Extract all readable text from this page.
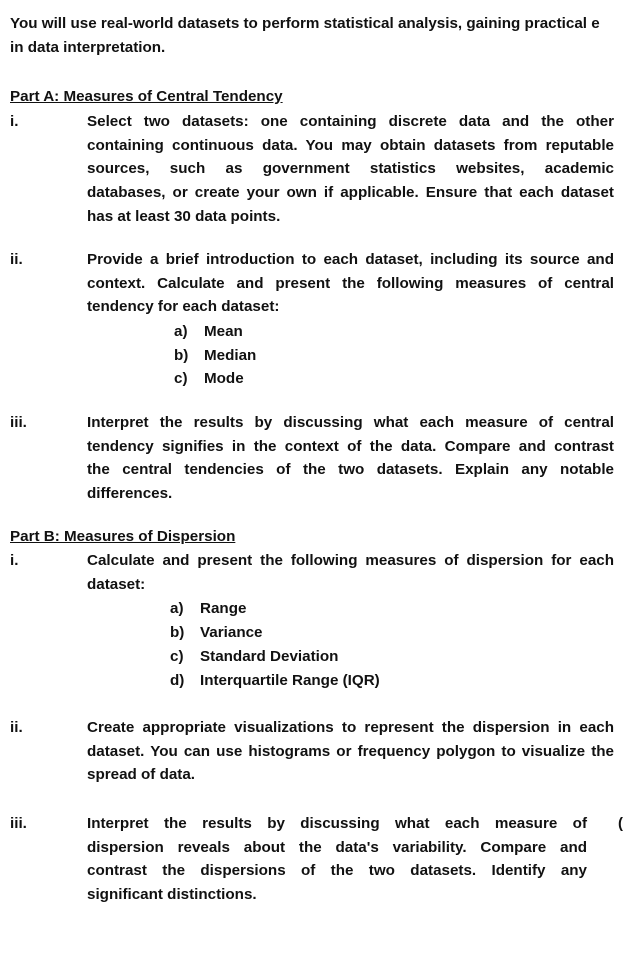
You will use real-world datasets to perform statistical analysis, gaining practical e
in data interpretation.
Part A: Measures of Central Tendency
i.	Select two datasets: one containing discrete data and the other
containing continuous data. You may obtain datasets from reputable
sources, such as government statistics websites, academic
databases, or create your own if applicable. Ensure that each dataset
has at least 30 data points.
ii.	Provide a brief introduction to each dataset, including its source and
context. Calculate and present the following measures of central
tendency for each dataset:
a) Mean
b) Median
c) Mode
iii.	Interpret the results by discussing what each measure of central
tendency signifies in the context of the data. Compare and contrast
the central tendencies of the two datasets. Explain any notable
differences.
Part B: Measures of Dispersion
i.	Calculate and present the following measures of dispersion for each
dataset:
a) Range
b) Variance
c) Standard Deviation
d) Interquartile Range (IQR)
ii.	Create appropriate visualizations to represent the dispersion in each
dataset. You can use histograms or frequency polygon to visualize the
spread of data.
iii.	Interpret the results by discussing what each measure of
dispersion reveals about the data's variability. Compare and
contrast the dispersions of the two datasets. Identify any
significant distinctions.
(
